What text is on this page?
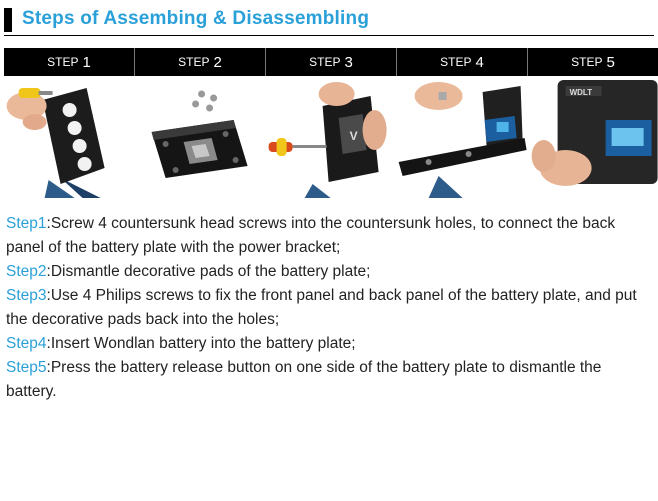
Steps of Assembing & Disassembling
STEP 1	STEP 2	STEP 3	STEP 4	STEP 5
V
WDLT

Step1:Screw 4 countersunk head screws into the countersunk holes, to connect the back panel of the battery plate with the power bracket;

Step2:Dismantle decorative pads of the battery plate;

Step3:Use 4 Philips screws to fix the front panel and back panel of the battery plate, and put the decorative pads back into the holes;

Step4:Insert Wondlan battery into the battery plate;

Step5:Press the battery release button on one side of the battery plate to dismantle the battery.
